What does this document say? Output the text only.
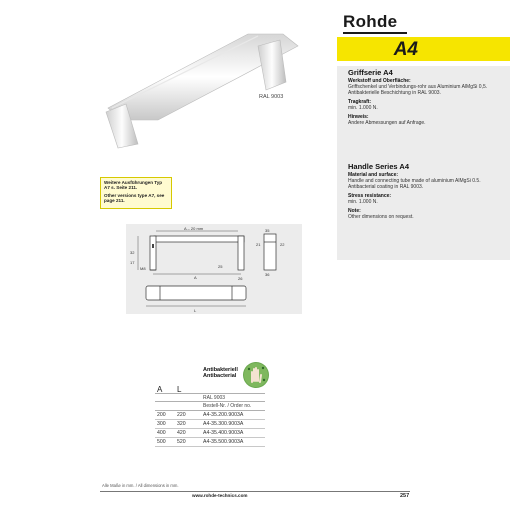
Rohde
A4
Griffserie A4
Werkstoff und Oberfläche:
Griffschenkel und Verbindungs-rohr aus Aluminium AlMgSi 0,5. Antibakterielle Beschichtung in RAL 9003.
Tragkraft:
min. 1.000 N.
Hinweis:
Andere Abmessungen auf Anfrage.
Handle Series A4
Material and surface:
Handle and connecting tube made of aluminium AlMgSi 0.5. Antibacterial coating in RAL 9003.
Stress resistance:
min. 1.000 N.
Note:
Other dimensions on request.
RAL 9003
Weitere Ausführungen Typ A7 s. Seite 211.
Other versions type A7, see page 211.
A – 20 mm
A
L
25
26
32
M8
17
35
36
22
21
Antibakteriell
Antibacterial
A L
RAL 9003
Bestell-Nr. / Order no.
200 220	A4-35.200.9003A
300 320	A4-35.300.9003A
400 420	A4-35.400.9003A
500 520	A4-35.500.9003A
Alle Maße in mm. / All dimensions in mm.
www.rohde-technics.com	257
